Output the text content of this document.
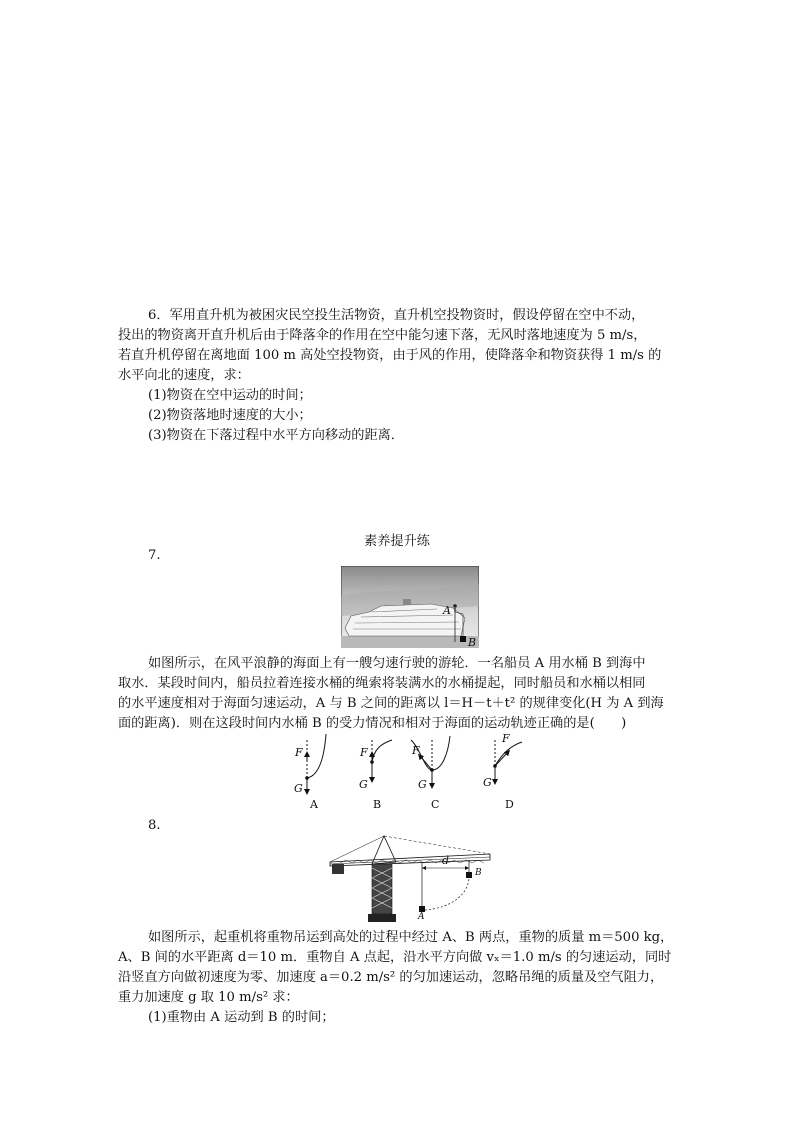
6．军用直升机为被困灾民空投生活物资，直升机空投物资时，假设停留在空中不动，

投出的物资离开直升机后由于降落伞的作用在空中能匀速下落，无风时落地速度为 5 m/s，

若直升机停留在离地面 100 m 高处空投物资，由于风的作用，使降落伞和物资获得 1 m/s 的

水平向北的速度，求：

(1)物资在空中运动的时间；

(2)物资落地时速度的大小；

(3)物资在下落过程中水平方向移动的距离．

素养提升练
7.
A
B

如图所示，在风平浪静的海面上有一艘匀速行驶的游轮．一名船员 A 用水桶 B 到海中

取水．某段时间内，船员拉着连接水桶的绳索将装满水的水桶提起，同时船员和水桶以相同

的水平速度相对于海面匀速运动，A 与 B 之间的距离以 l＝H－t＋t² 的规律变化(H 为 A 到海

面的距离)．则在这段时间内水桶 B 的受力情况和相对于海面的运动轨迹正确的是(　　)

F
G
A
F
G
B
F
G
C
F
G
D
8.
d
A
B

如图所示，起重机将重物吊运到高处的过程中经过 A、B 两点，重物的质量 m＝500 kg，

A、B 间的水平距离 d＝10 m．重物自 A 点起，沿水平方向做 vₓ＝1.0 m/s 的匀速运动，同时

沿竖直方向做初速度为零、加速度 a＝0.2 m/s² 的匀加速运动，忽略吊绳的质量及空气阻力，

重力加速度 g 取 10 m/s² 求：

(1)重物由 A 运动到 B 的时间；
